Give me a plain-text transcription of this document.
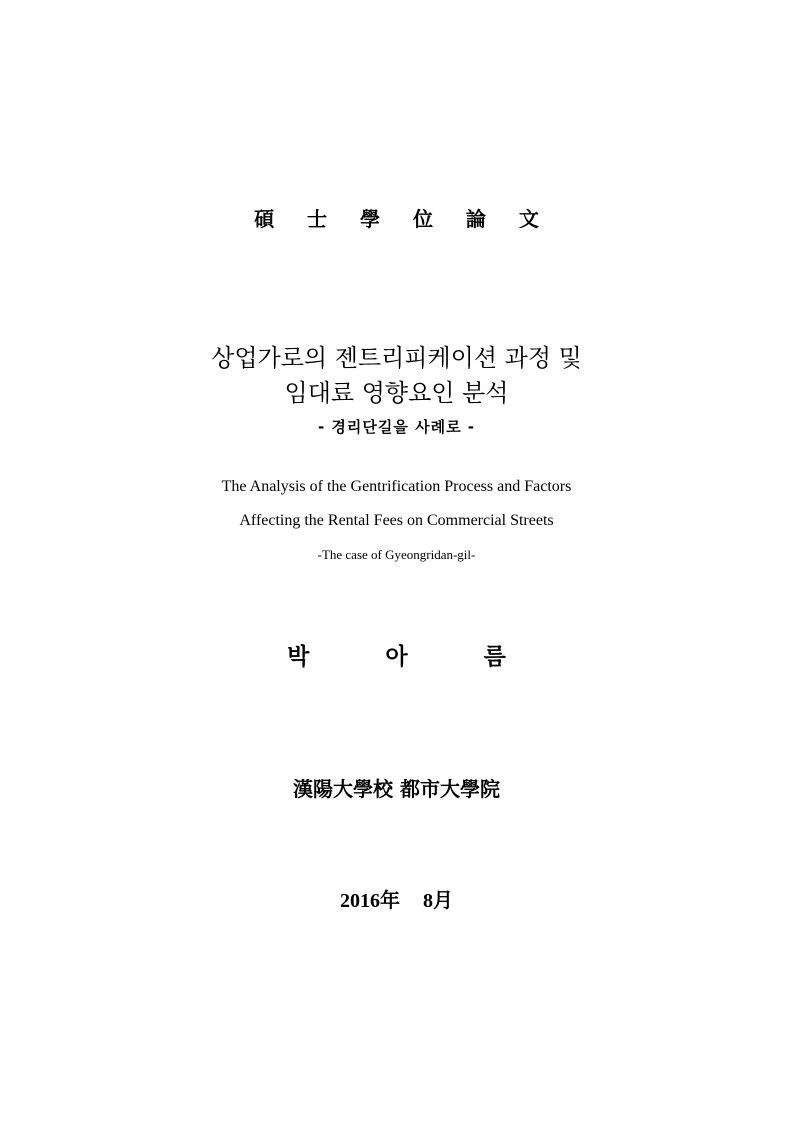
碩 士 學 位 論 文
상업가로의 젠트리피케이션 과정 및
임대료 영향요인 분석
- 경리단길을 사례로 -
The Analysis of the Gentrification Process and Factors
Affecting the Rental Fees on Commercial Streets
-The case of Gyeongridan-gil-
박 아 름
漢陽大學校 都市大學院
2016年 8月
